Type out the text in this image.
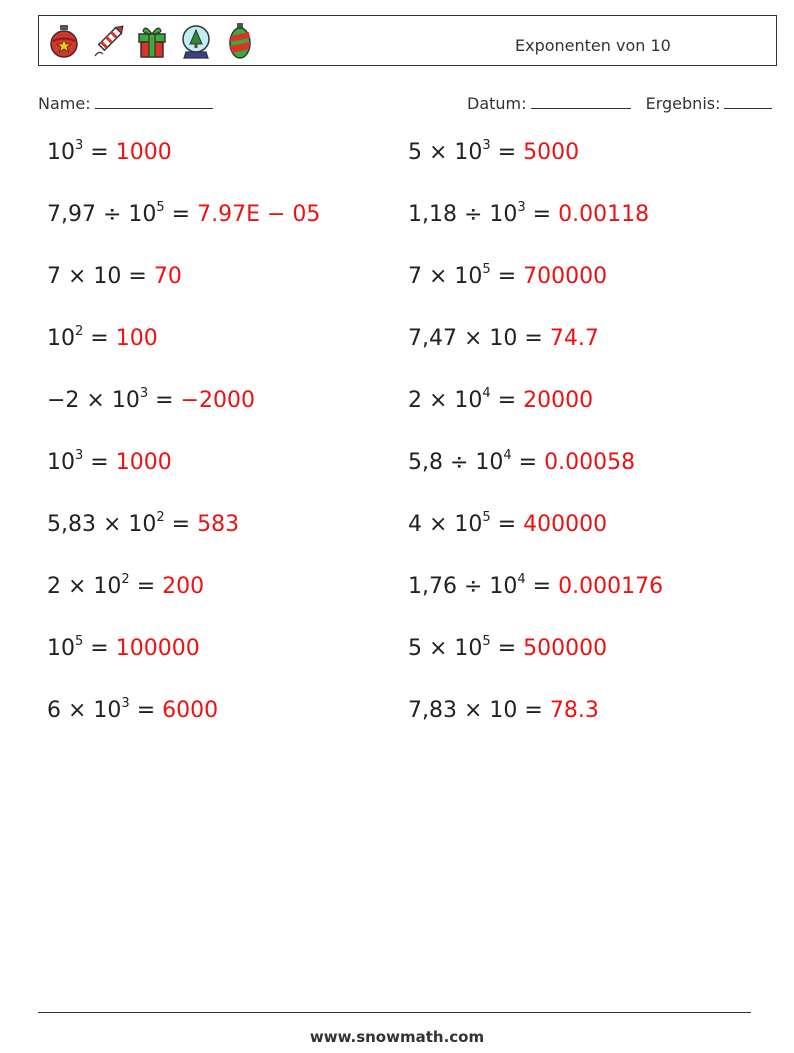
Exponenten von 10
Name:	Datum:	Ergebnis:
$10^3 = 1000$	$5 \times 10^3 = 5000$
$7,97 \div 10^5 = 7.97E - 05$	$1,18 \div 10^3 = 0.00118$
7 × 10 = 70	$7 \times 10^5 = 700000$
$10^2 = 100$	7,47 × 10 = 74.7
$-2 \times 10^3 = -2000$	$2 \times 10^4 = 20000$
$10^3 = 1000$	$5,8 \div 10^4 = 0.00058$
$5,83 \times 10^2 = 583$	$4 \times 10^5 = 400000$
$2 \times 10^2 = 200$	$1,76 \div 10^4 = 0.000176$
$10^5 = 100000$	$5 \times 10^5 = 500000$
$6 \times 10^3 = 6000$	7,83 × 10 = 78.3
www.snowmath.com
